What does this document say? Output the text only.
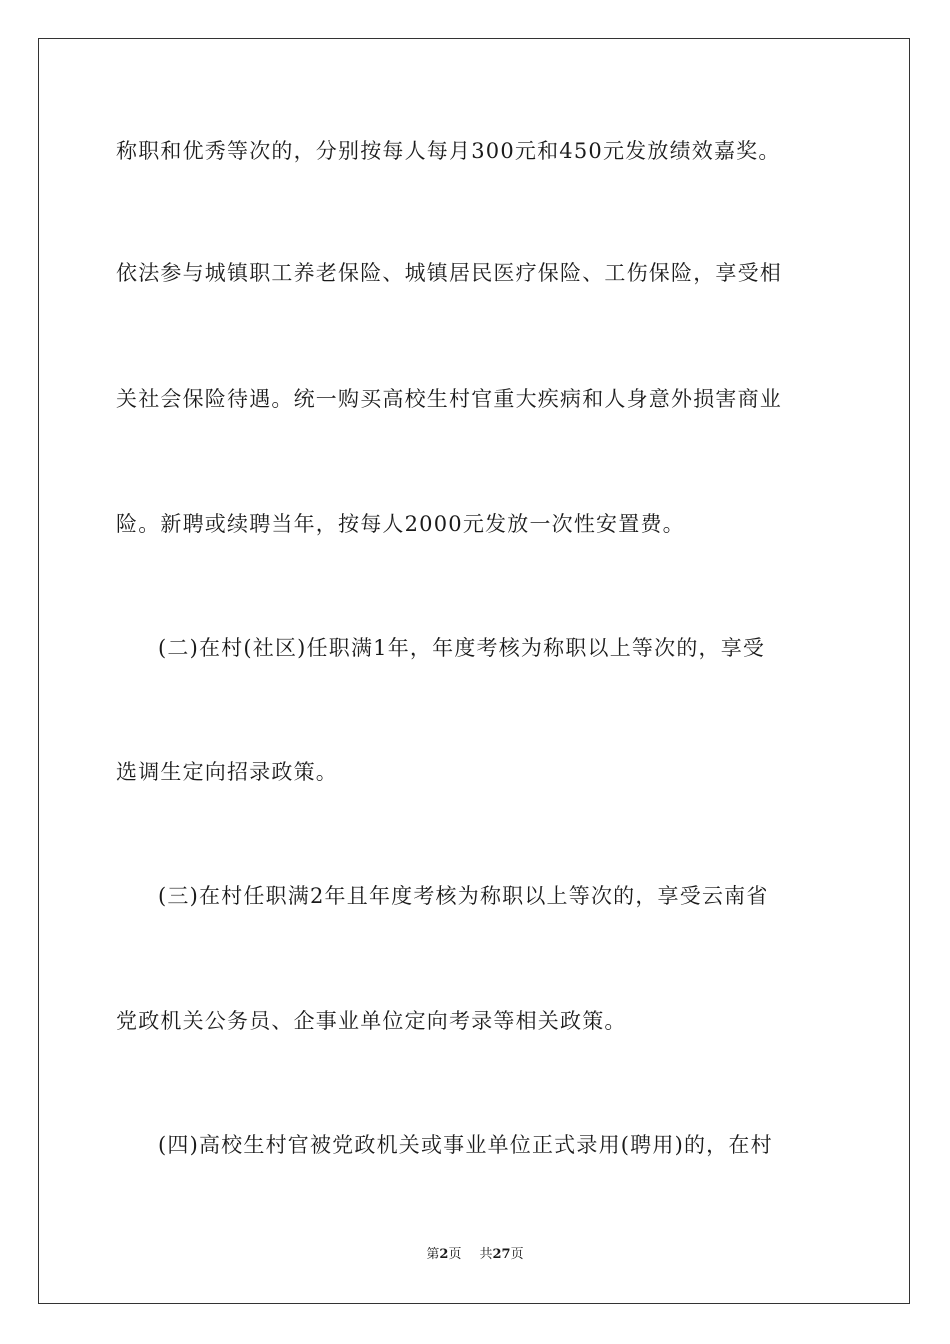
称职和优秀等次的，分别按每人每月300元和450元发放绩效嘉奖。
依法参与城镇职工养老保险、城镇居民医疗保险、工伤保险，享受相
关社会保险待遇。统一购买高校生村官重大疾病和人身意外损害商业
险。新聘或续聘当年，按每人2000元发放一次性安置费。
(二)在村(社区)任职满1年，年度考核为称职以上等次的，享受
选调生定向招录政策。
(三)在村任职满2年且年度考核为称职以上等次的，享受云南省
党政机关公务员、企事业单位定向考录等相关政策。
(四)高校生村官被党政机关或事业单位正式录用(聘用)的，在村
第2页 共27页
